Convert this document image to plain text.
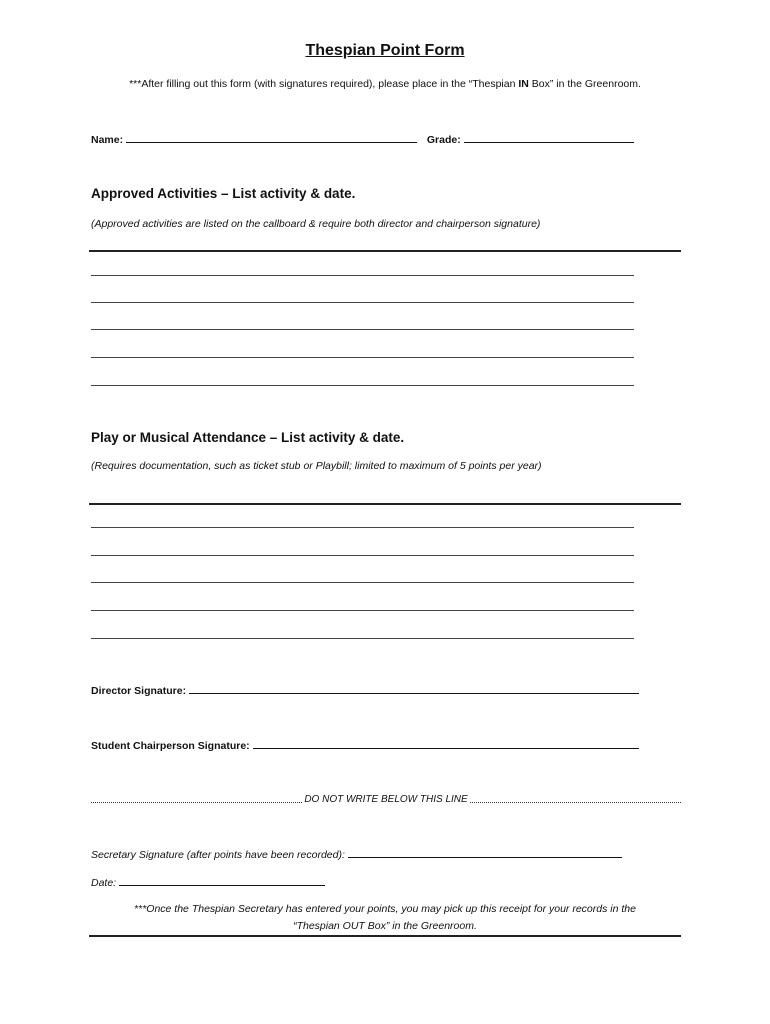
Thespian Point Form
***After filling out this form (with signatures required), please place in the “Thespian IN Box” in the Greenroom.
Name:	Grade:
Approved Activities – List activity & date.
(Approved activities are listed on the callboard & require both director and chairperson signature)
Play or Musical Attendance – List activity & date.
(Requires documentation, such as ticket stub or Playbill; limited to maximum of 5 points per year)
Director Signature:
Student Chairperson Signature:
DO NOT WRITE BELOW THIS LINE
Secretary Signature (after points have been recorded):
Date:
***Once the Thespian Secretary has entered your points, you may pick up this receipt for your records in the
“Thespian OUT Box” in the Greenroom.
